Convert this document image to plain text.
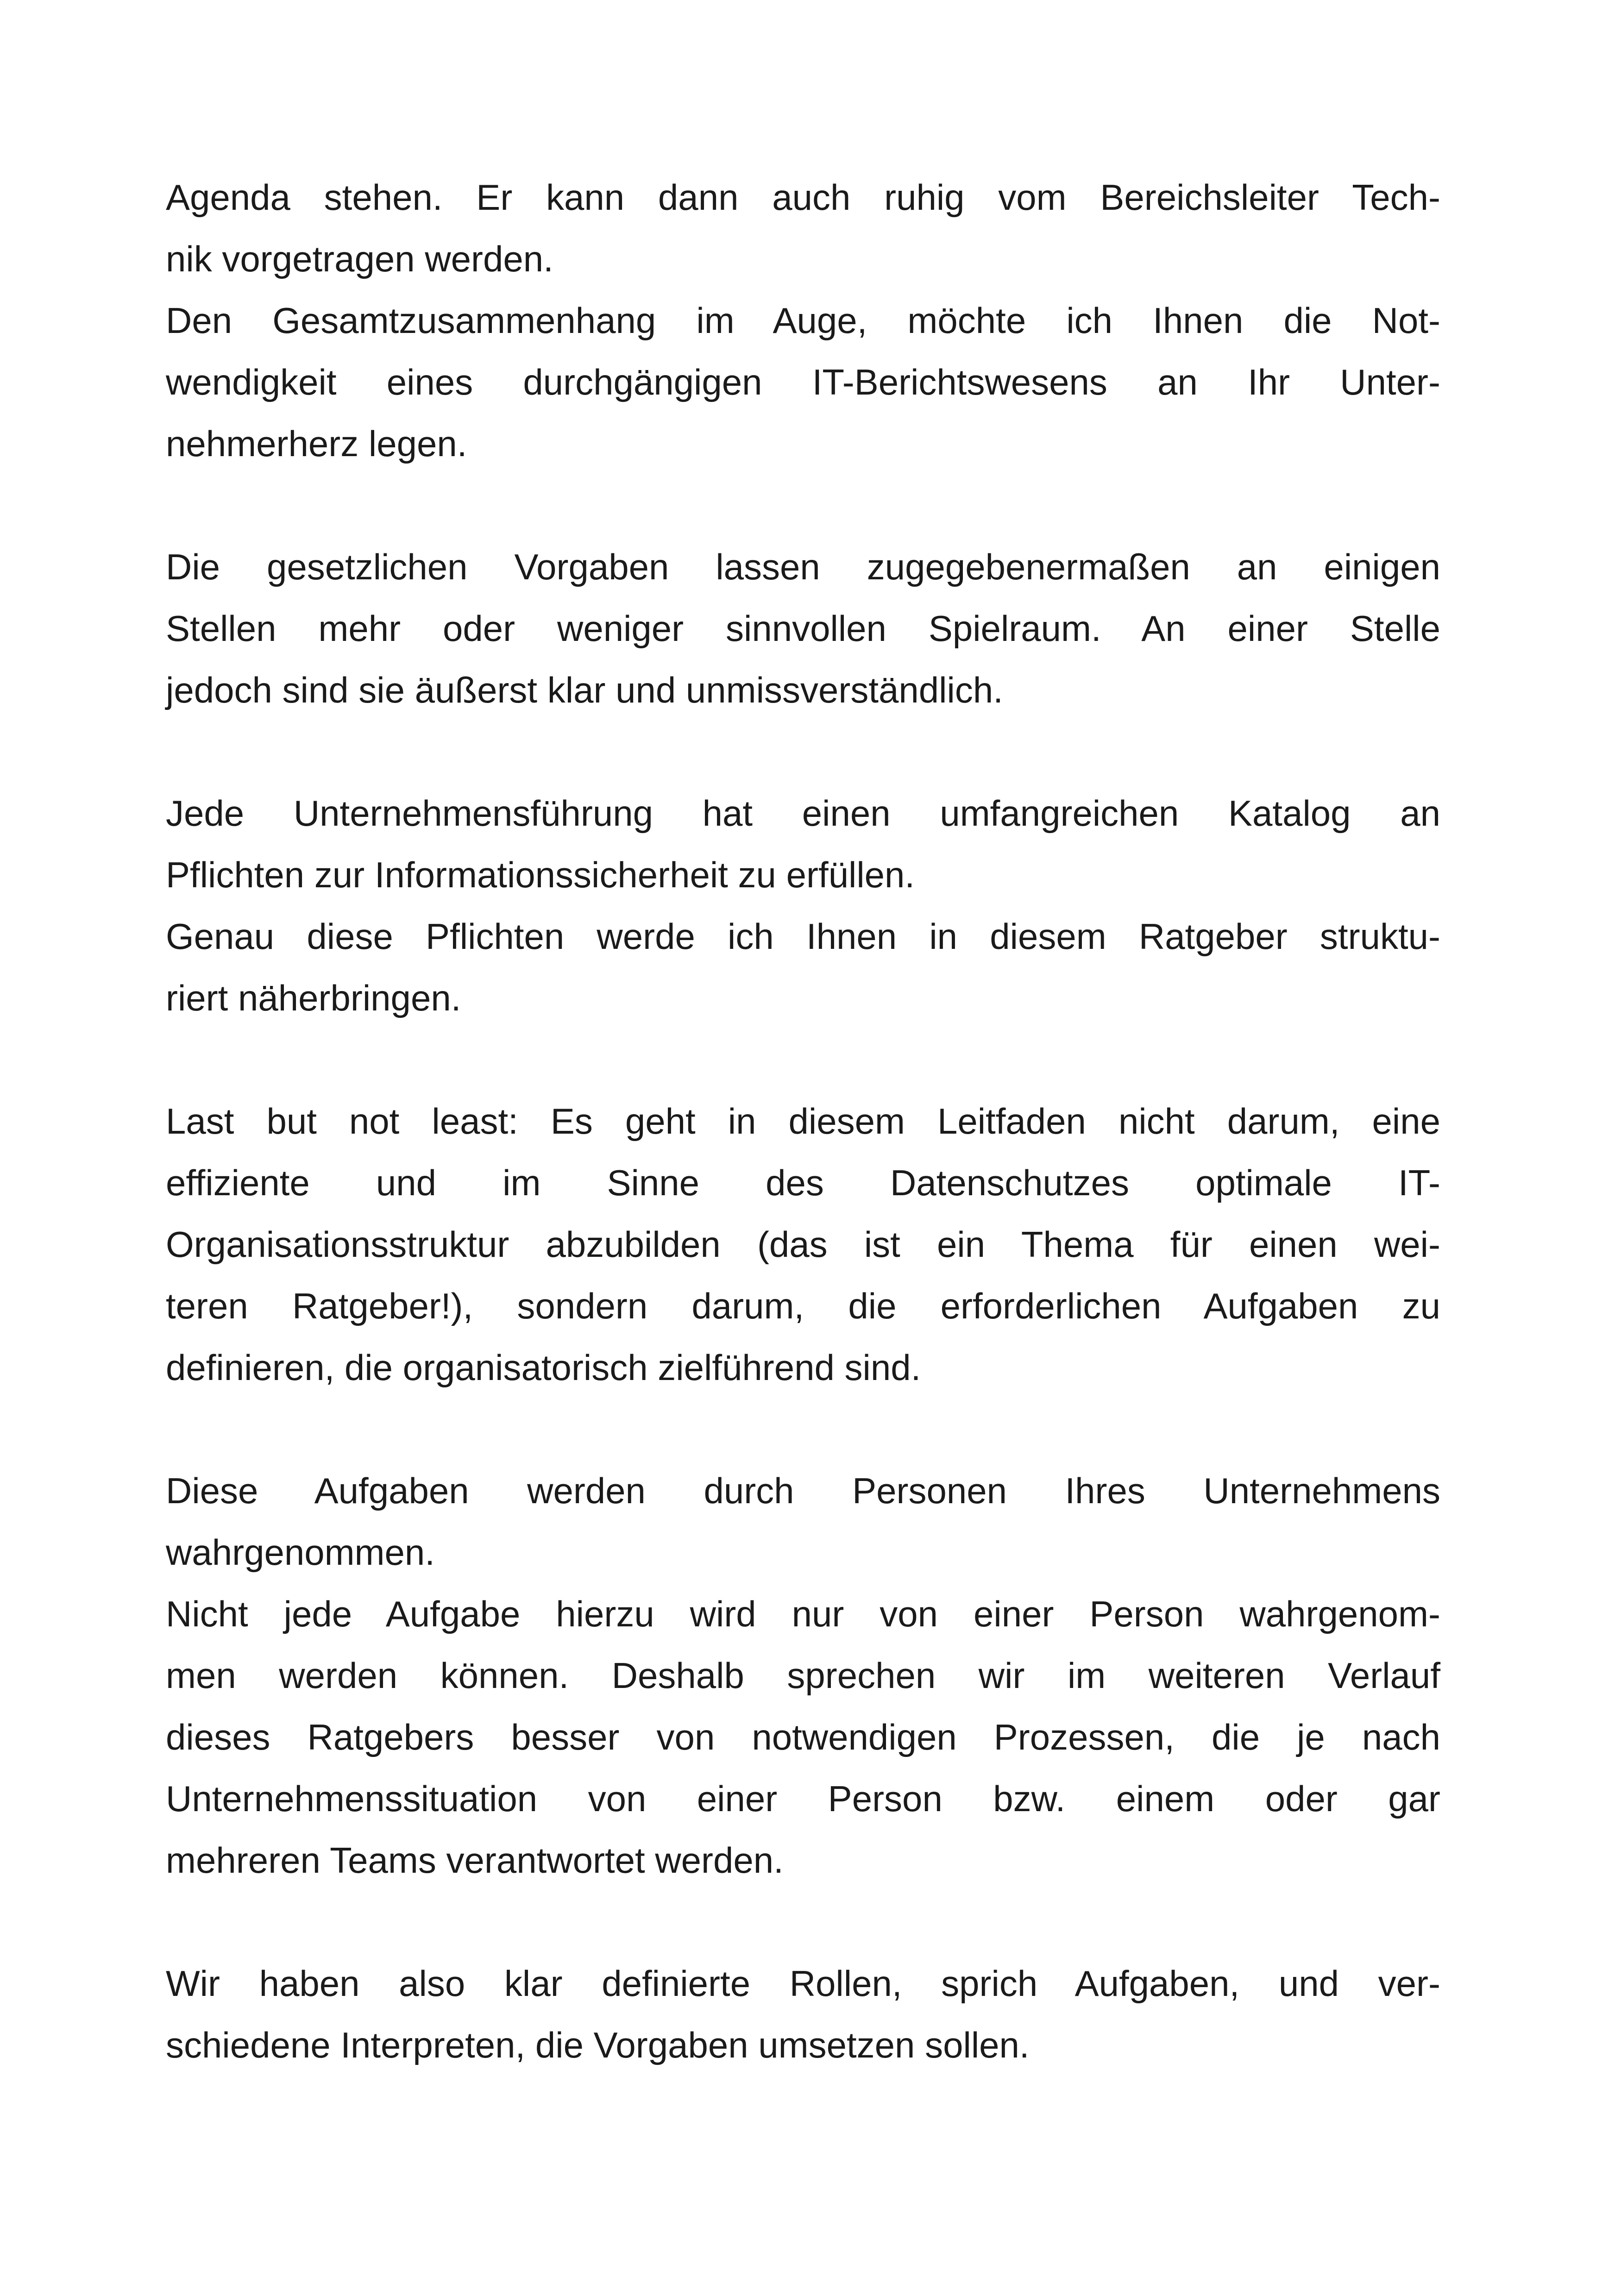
Agenda stehen. Er kann dann auch ruhig vom Bereichsleiter Tech-
nik vorgetragen werden.
Den Gesamtzusammenhang im Auge, möchte ich Ihnen die Not-
wendigkeit eines durchgängigen IT-Berichtswesens an Ihr Unter-
nehmerherz legen.
Die gesetzlichen Vorgaben lassen zugegebenermaßen an einigen
Stellen mehr oder weniger sinnvollen Spielraum. An einer Stelle
jedoch sind sie äußerst klar und unmissverständlich.
Jede Unternehmensführung hat einen umfangreichen Katalog an
Pflichten zur Informationssicherheit zu erfüllen.
Genau diese Pflichten werde ich Ihnen in diesem Ratgeber struktu-
riert näherbringen.
Last but not least: Es geht in diesem Leitfaden nicht darum, eine
effiziente und im Sinne des Datenschutzes optimale IT-
Organisationsstruktur abzubilden (das ist ein Thema für einen wei-
teren Ratgeber!), sondern darum, die erforderlichen Aufgaben zu
definieren, die organisatorisch zielführend sind.
Diese Aufgaben werden durch Personen Ihres Unternehmens
wahrgenommen.
Nicht jede Aufgabe hierzu wird nur von einer Person wahrgenom-
men werden können. Deshalb sprechen wir im weiteren Verlauf
dieses Ratgebers besser von notwendigen Prozessen, die je nach
Unternehmenssituation von einer Person bzw. einem oder gar
mehreren Teams verantwortet werden.
Wir haben also klar definierte Rollen, sprich Aufgaben, und ver-
schiedene Interpreten, die Vorgaben umsetzen sollen.
